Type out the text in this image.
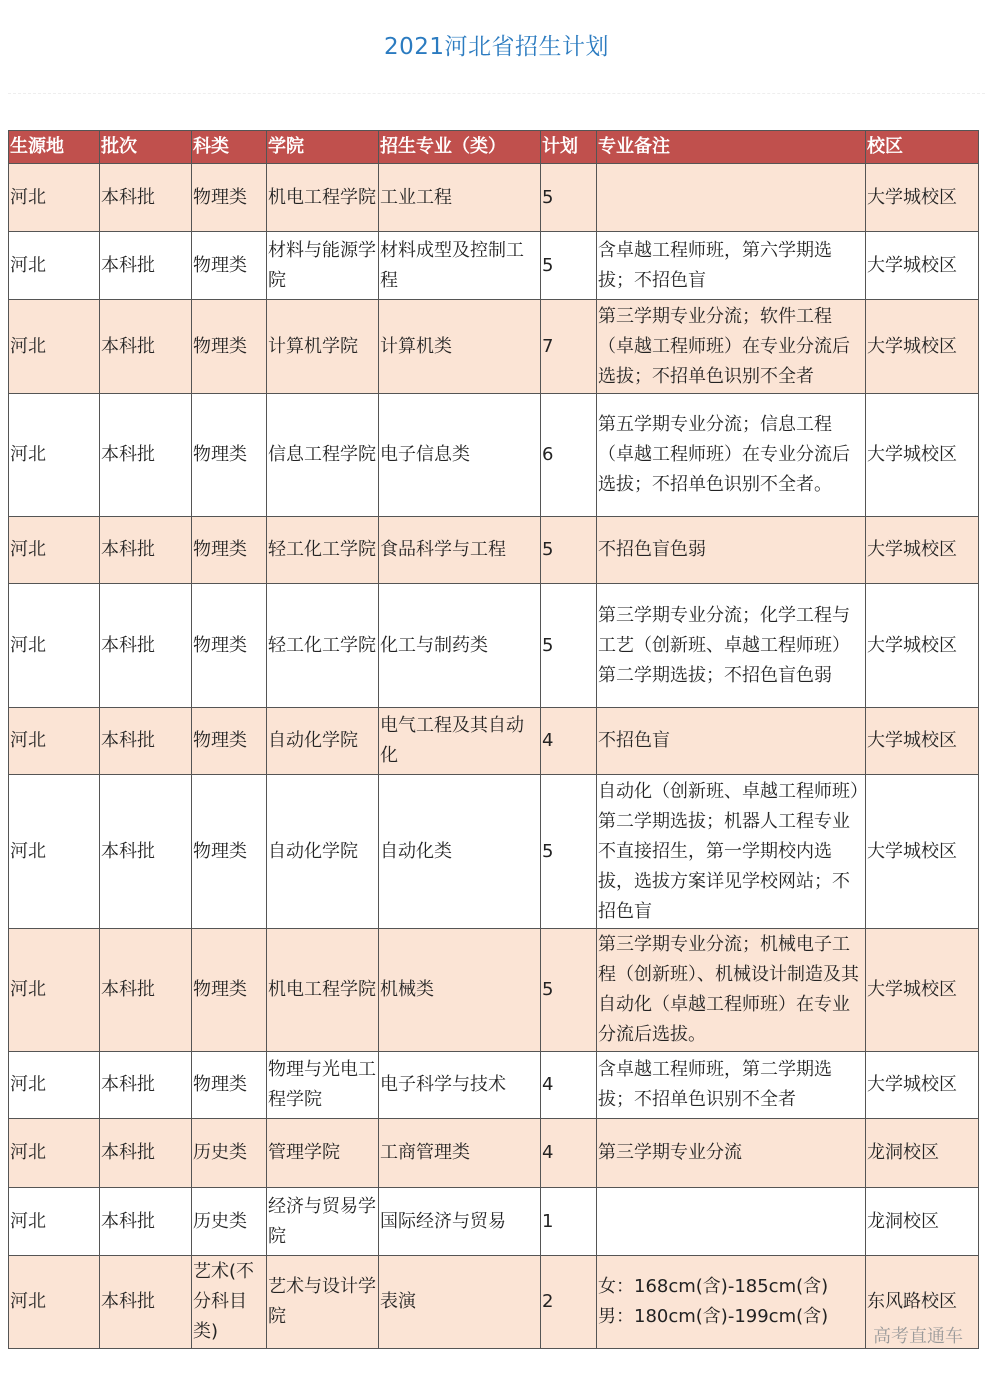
2021河北省招生计划
生源地	批次	科类	学院	招生专业（类）	计划	专业备注	校区
河北	本科批	物理类	机电工程学院	工业工程	5		大学城校区
河北	本科批	物理类	材料与能源学院	材料成型及控制工程	5	含卓越工程师班，第六学期选拔；不招色盲	大学城校区
河北	本科批	物理类	计算机学院	计算机类	7	第三学期专业分流；软件工程（卓越工程师班）在专业分流后选拔；不招单色识别不全者	大学城校区
河北	本科批	物理类	信息工程学院	电子信息类	6	第五学期专业分流；信息工程（卓越工程师班）在专业分流后选拔；不招单色识别不全者。	大学城校区
河北	本科批	物理类	轻工化工学院	食品科学与工程	5	不招色盲色弱	大学城校区
河北	本科批	物理类	轻工化工学院	化工与制药类	5	第三学期专业分流；化学工程与工艺（创新班、卓越工程师班）第二学期选拔；不招色盲色弱	大学城校区
河北	本科批	物理类	自动化学院	电气工程及其自动化	4	不招色盲	大学城校区
河北	本科批	物理类	自动化学院	自动化类	5	自动化（创新班、卓越工程师班）第二学期选拔；机器人工程专业不直接招生，第一学期校内选拔，选拔方案详见学校网站；不招色盲	大学城校区
河北	本科批	物理类	机电工程学院	机械类	5	第三学期专业分流；机械电子工程（创新班）、机械设计制造及其自动化（卓越工程师班）在专业分流后选拔。	大学城校区
河北	本科批	物理类	物理与光电工程学院	电子科学与技术	4	含卓越工程师班，第二学期选拔；不招单色识别不全者	大学城校区
河北	本科批	历史类	管理学院	工商管理类	4	第三学期专业分流	龙洞校区
河北	本科批	历史类	经济与贸易学院	国际经济与贸易	1		龙洞校区
河北	本科批	艺术(不分科目类)	艺术与设计学院	表演	2	女：168cm(含)-185cm(含) 男：180cm(含)-199cm(含)	东风路校区
高考直通车
